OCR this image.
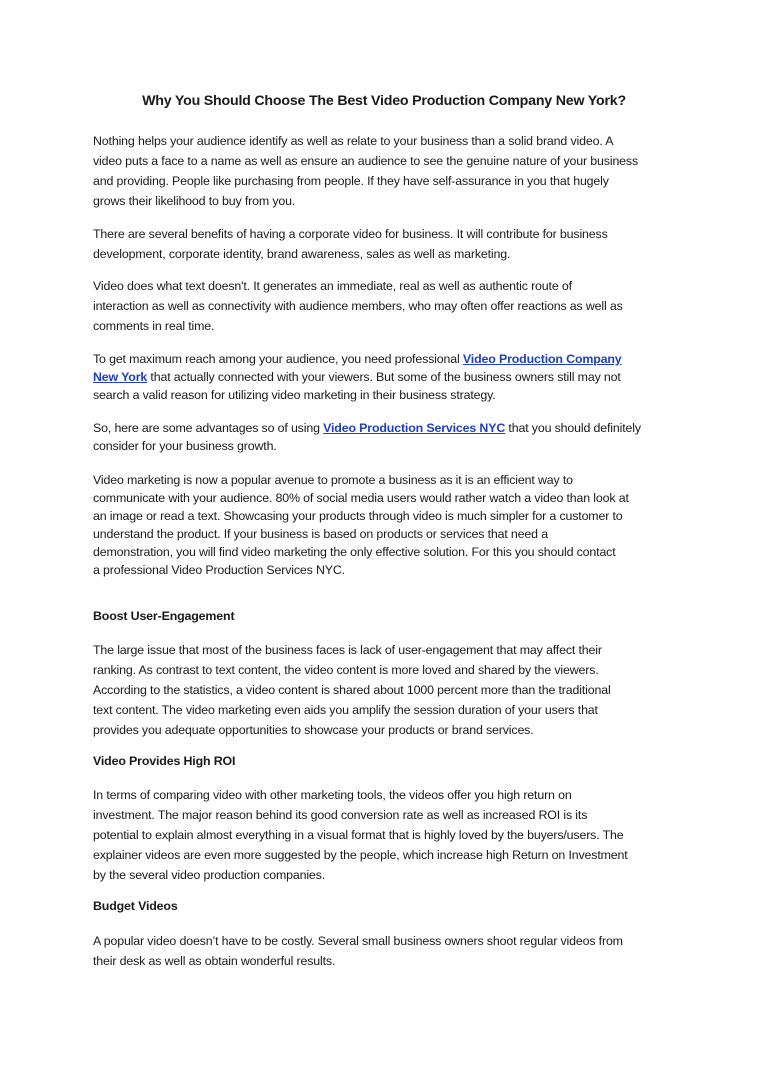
Why You Should Choose The Best Video Production Company New York?
Nothing helps your audience identify as well as relate to your business than a solid brand video. A
video puts a face to a name as well as ensure an audience to see the genuine nature of your business
and providing. People like purchasing from people. If they have self-assurance in you that hugely
grows their likelihood to buy from you.
There are several benefits of having a corporate video for business. It will contribute for business
development, corporate identity, brand awareness, sales as well as marketing.
Video does what text doesn't. It generates an immediate, real as well as authentic route of
interaction as well as connectivity with audience members, who may often offer reactions as well as
comments in real time.
To get maximum reach among your audience, you need professional Video Production Company
New York that actually connected with your viewers. But some of the business owners still may not
search a valid reason for utilizing video marketing in their business strategy.
So, here are some advantages so of using Video Production Services NYC that you should definitely
consider for your business growth.
Video marketing is now a popular avenue to promote a business as it is an efficient way to
communicate with your audience. 80% of social media users would rather watch a video than look at
an image or read a text. Showcasing your products through video is much simpler for a customer to
understand the product. If your business is based on products or services that need a
demonstration, you will find video marketing the only effective solution. For this you should contact
a professional Video Production Services NYC.
Boost User-Engagement
The large issue that most of the business faces is lack of user-engagement that may affect their
ranking. As contrast to text content, the video content is more loved and shared by the viewers.
According to the statistics, a video content is shared about 1000 percent more than the traditional
text content. The video marketing even aids you amplify the session duration of your users that
provides you adequate opportunities to showcase your products or brand services.
Video Provides High ROI
In terms of comparing video with other marketing tools, the videos offer you high return on
investment. The major reason behind its good conversion rate as well as increased ROI is its
potential to explain almost everything in a visual format that is highly loved by the buyers/users. The
explainer videos are even more suggested by the people, which increase high Return on Investment
by the several video production companies.
Budget Videos
A popular video doesn’t have to be costly. Several small business owners shoot regular videos from
their desk as well as obtain wonderful results.
